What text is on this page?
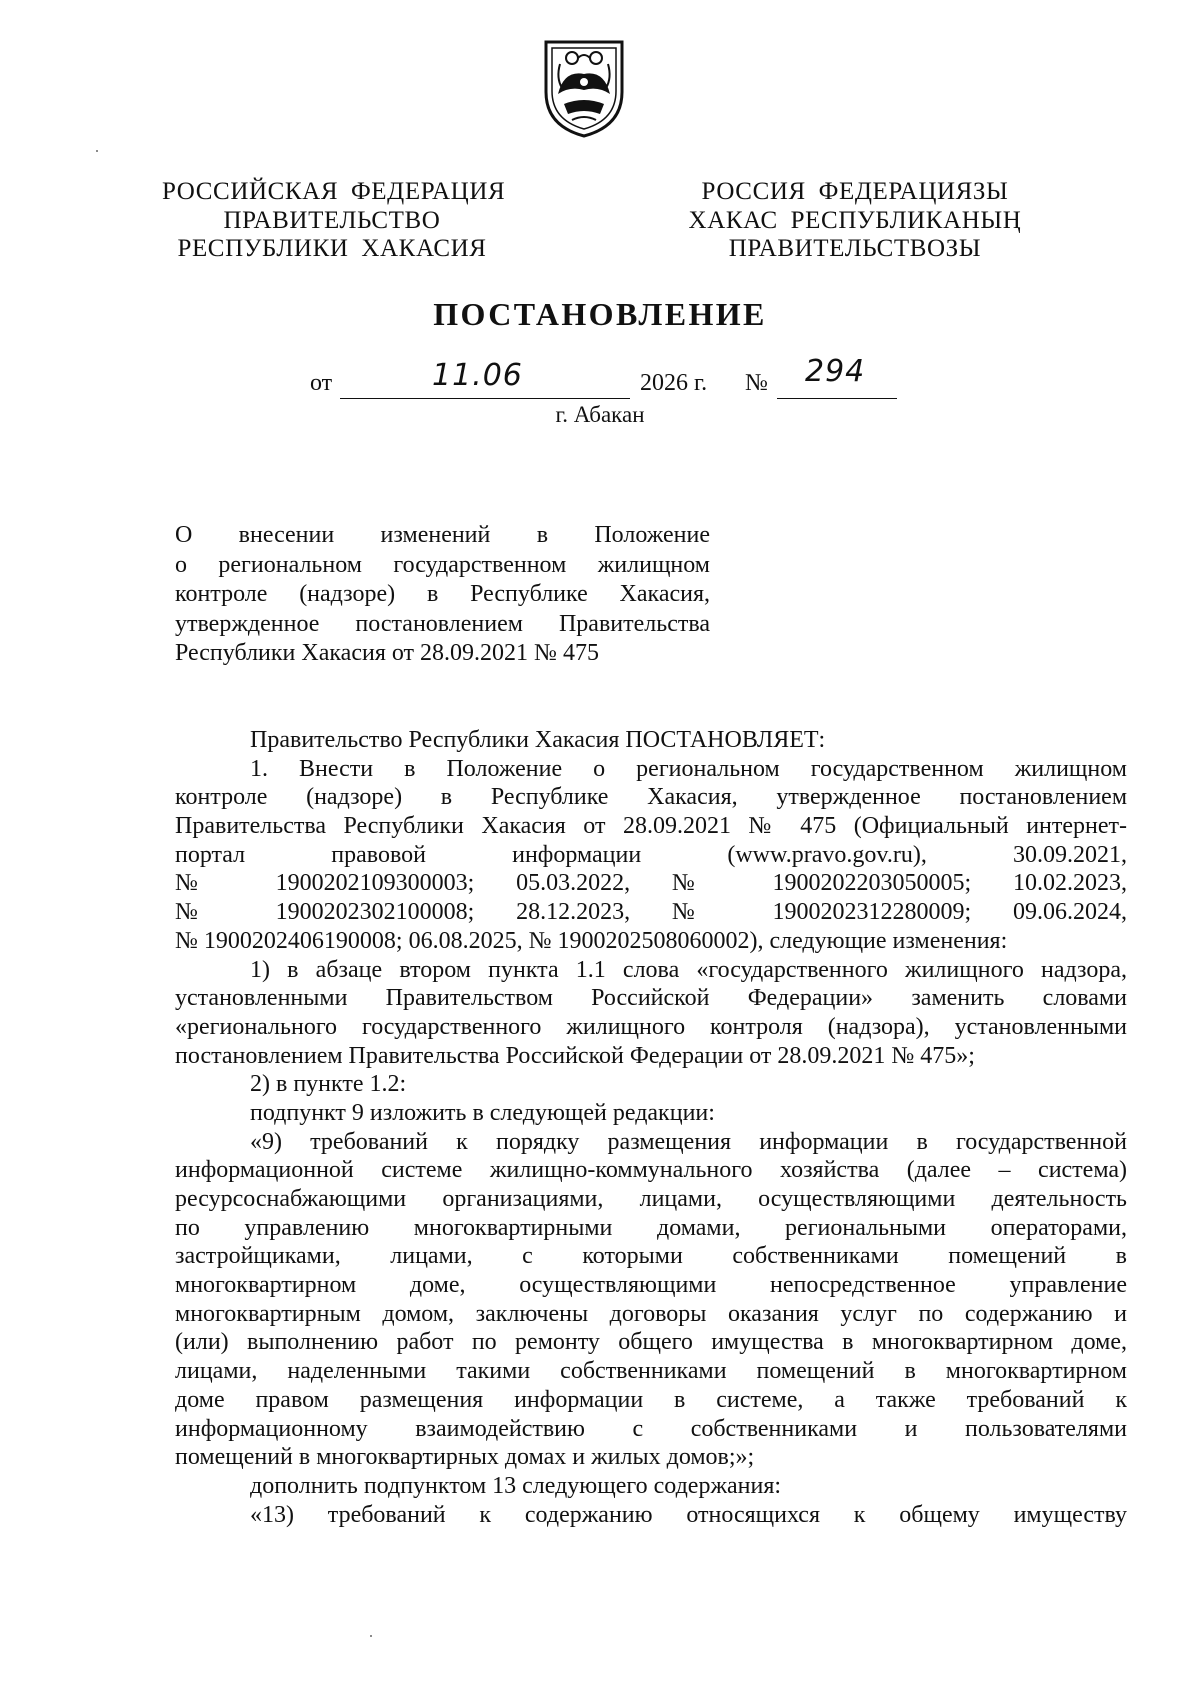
РОССИЙСКАЯ ФЕДЕРАЦИЯ
ПРАВИТЕЛЬСТВО
РЕСПУБЛИКИ ХАКАСИЯ
РОССИЯ ФЕДЕРАЦИЯЗЫ
ХАКАС РЕСПУБЛИКАНЫҢ
ПРАВИТЕЛЬСТВОЗЫ
ПОСТАНОВЛЕНИЕ
от	11.06	2026 г. № 294
г. Абакан
О внесении изменений в Положение
о региональном государственном жилищном
контроле (надзоре) в Республике Хакасия,
утвержденное постановлением Правительства
Республики Хакасия от 28.09.2021 № 475
Правительство Республики Хакасия ПОСТАНОВЛЯЕТ:
1. Внести в Положение о региональном государственном жилищном
контроле (надзоре) в Республике Хакасия, утвержденное постановлением
Правительства Республики Хакасия от 28.09.2021 № 475 (Официальный интернет-
портал правовой информации (www.pravo.gov.ru), 30.09.2021,
№ 1900202109300003; 05.03.2022, № 1900202203050005; 10.02.2023,
№ 1900202302100008; 28.12.2023, № 1900202312280009; 09.06.2024,
№ 1900202406190008; 06.08.2025, № 1900202508060002), следующие изменения:
1) в абзаце втором пункта 1.1 слова «государственного жилищного надзора,
установленными Правительством Российской Федерации» заменить словами
«регионального государственного жилищного контроля (надзора), установленными
постановлением Правительства Российской Федерации от 28.09.2021 № 475»;
2) в пункте 1.2:
подпункт 9 изложить в следующей редакции:
«9) требований к порядку размещения информации в государственной
информационной системе жилищно-коммунального хозяйства (далее – система)
ресурсоснабжающими организациями, лицами, осуществляющими деятельность
по управлению многоквартирными домами, региональными операторами,
застройщиками, лицами, с которыми собственниками помещений в
многоквартирном доме, осуществляющими непосредственное управление
многоквартирным домом, заключены договоры оказания услуг по содержанию и
(или) выполнению работ по ремонту общего имущества в многоквартирном доме,
лицами, наделенными такими собственниками помещений в многоквартирном
доме правом размещения информации в системе, а также требований к
информационному взаимодействию с собственниками и пользователями
помещений в многоквартирных домах и жилых домов;»;
дополнить подпунктом 13 следующего содержания:
«13) требований к содержанию относящихся к общему имуществу
